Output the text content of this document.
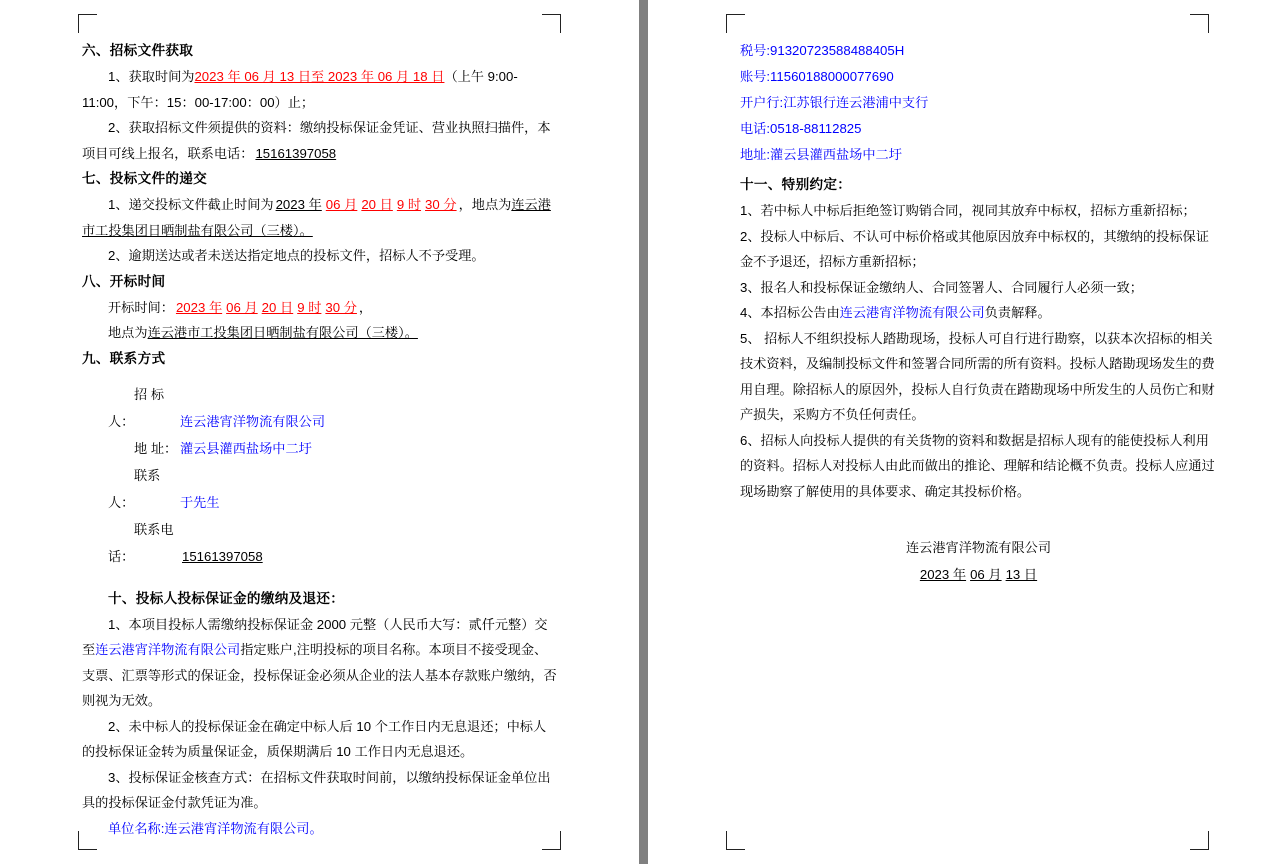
六、招标文件获取

1、获取时间为2023 年 06 月 13 日至 2023 年 06 月 18 日（上午 9:00-11:00，下午：15：00-17:00：00）止；

2、获取招标文件须提供的资料：缴纳投标保证金凭证、营业执照扫描件，本项目可线上报名，联系电话： 15161397058

七、投标文件的递交

1、递交投标文件截止时间为 2023 年 06 月 20 日 9 时 30 分 ，地点为连云港市工投集团日晒制盐有限公司（三楼）。

2、逾期送达或者未送达指定地点的投标文件，招标人不予受理。

八、开标时间

开标时间： 2023 年 06 月 20 日 9 时 30 分 ，

地点为连云港市工投集团日晒制盐有限公司（三楼）。

九、联系方式

招 标 人：	连云港宵洋物流有限公司

地 址： 灌云县灌西盐场中二圩

联系人：	于先生

联系电话：	15161397058

十、投标人投标保证金的缴纳及退还：

1、本项目投标人需缴纳投标保证金 2000 元整（人民币大写：贰仟元整）交至连云港宵洋物流有限公司指定账户,注明投标的项目名称。本项目不接受现金、支票、汇票等形式的保证金，投标保证金必须从企业的法人基本存款账户缴纳，否则视为无效。

2、未中标人的投标保证金在确定中标人后 10 个工作日内无息退还；中标人的投标保证金转为质量保证金，质保期满后 10 工作日内无息退还。

3、投标保证金核查方式：在招标文件获取时间前，以缴纳投标保证金单位出具的投标保证金付款凭证为准。

单位名称:连云港宵洋物流有限公司。

税号:91320723588488405H

账号:11560188000077690

开户行:江苏银行连云港浦中支行

电话:0518-88112825

地址:灌云县灌西盐场中二圩

十一、特别约定：

1、若中标人中标后拒绝签订购销合同，视同其放弃中标权，招标方重新招标；

2、投标人中标后、不认可中标价格或其他原因放弃中标权的，其缴纳的投标保证金不予退还，招标方重新招标；

3、报名人和投标保证金缴纳人、合同签署人、合同履行人必须一致；

4、本招标公告由连云港宵洋物流有限公司负责解释。

5、 招标人不组织投标人踏勘现场，投标人可自行进行勘察，以获本次招标的相关技术资料，及编制投标文件和签署合同所需的所有资料。投标人踏勘现场发生的费用自理。除招标人的原因外，投标人自行负责在踏勘现场中所发生的人员伤亡和财产损失，采购方不负任何责任。

6、招标人向投标人提供的有关货物的资料和数据是招标人现有的能使投标人利用的资料。招标人对投标人由此而做出的推论、理解和结论概不负责。投标人应通过现场勘察了解使用的具体要求、确定其投标价格。

连云港宵洋物流有限公司

2023 年 06 月 13 日
